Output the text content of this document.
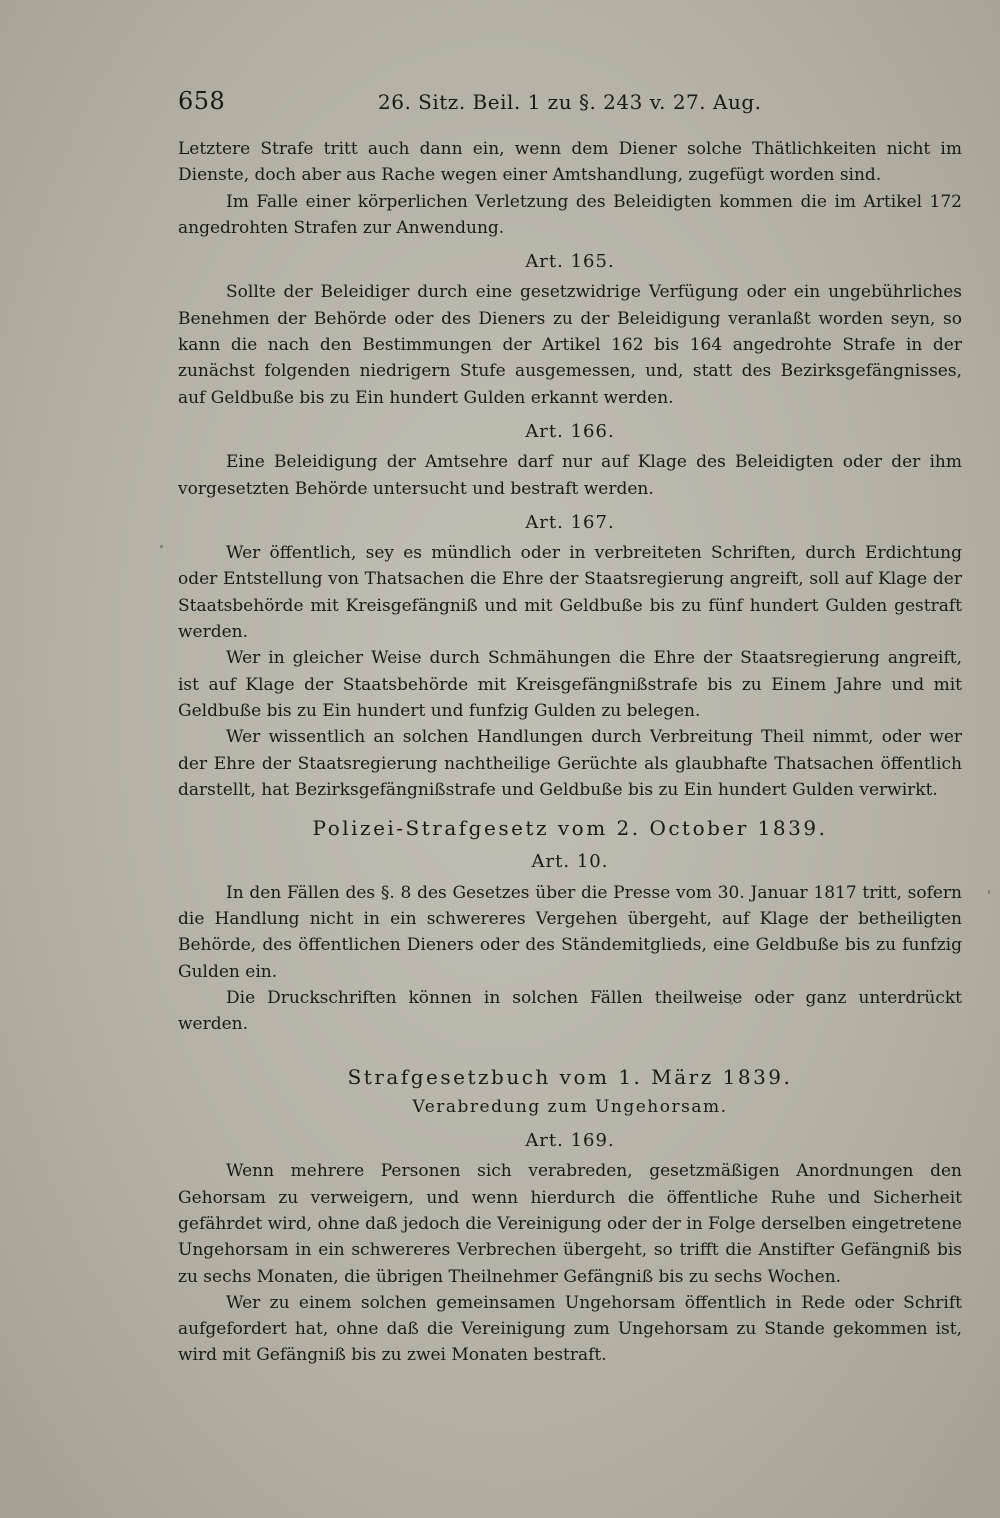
658	26. Sitz. Beil. 1 zu §. 243 v. 27. Aug.

Letztere Strafe tritt auch dann ein, wenn dem Diener solche Thätlichkeiten nicht im Dienste, doch aber aus Rache wegen einer Amtshandlung, zugefügt worden sind.

Im Falle einer körperlichen Verletzung des Beleidigten kommen die im Artikel 172 angedrohten Strafen zur Anwendung.

Art. 165.

Sollte der Beleidiger durch eine gesetzwidrige Verfügung oder ein ungebührliches Benehmen der Behörde oder des Dieners zu der Beleidigung veranlaßt worden seyn, so kann die nach den Bestimmungen der Artikel 162 bis 164 angedrohte Strafe in der zunächst folgenden niedrigern Stufe ausgemessen, und, statt des Bezirksgefängnisses, auf Geldbuße bis zu Ein hundert Gulden erkannt werden.

Art. 166.

Eine Beleidigung der Amtsehre darf nur auf Klage des Beleidigten oder der ihm vorgesetzten Behörde untersucht und bestraft werden.

Art. 167.

Wer öffentlich, sey es mündlich oder in verbreiteten Schriften, durch Erdichtung oder Entstellung von Thatsachen die Ehre der Staatsregierung angreift, soll auf Klage der Staatsbehörde mit Kreisgefängniß und mit Geldbuße bis zu fünf hundert Gulden gestraft werden.

Wer in gleicher Weise durch Schmähungen die Ehre der Staatsregierung angreift, ist auf Klage der Staatsbehörde mit Kreisgefängnißstrafe bis zu Einem Jahre und mit Geldbuße bis zu Ein hundert und funfzig Gulden zu belegen.

Wer wissentlich an solchen Handlungen durch Verbreitung Theil nimmt, oder wer der Ehre der Staatsregierung nachtheilige Gerüchte als glaubhafte Thatsachen öffentlich darstellt, hat Bezirksgefängnißstrafe und Geldbuße bis zu Ein hundert Gulden verwirkt.

Polizei-Strafgesetz vom 2. October 1839.
Art. 10.

In den Fällen des §. 8 des Gesetzes über die Presse vom 30. Januar 1817 tritt, sofern die Handlung nicht in ein schwereres Vergehen übergeht, auf Klage der betheiligten Behörde, des öffentlichen Dieners oder des Ständemitglieds, eine Geldbuße bis zu funfzig Gulden ein.

Die Druckschriften können in solchen Fällen theilweise oder ganz unterdrückt werden.

Strafgesetzbuch vom 1. März 1839.
Verabredung zum Ungehorsam.
Art. 169.

Wenn mehrere Personen sich verabreden, gesetzmäßigen Anordnungen den Gehorsam zu verweigern, und wenn hierdurch die öffentliche Ruhe und Sicherheit gefährdet wird, ohne daß jedoch die Vereinigung oder der in Folge derselben eingetretene Ungehorsam in ein schwereres Verbrechen übergeht, so trifft die Anstifter Gefängniß bis zu sechs Monaten, die übrigen Theilnehmer Gefängniß bis zu sechs Wochen.

Wer zu einem solchen gemeinsamen Ungehorsam öffentlich in Rede oder Schrift aufgefordert hat, ohne daß die Vereinigung zum Ungehorsam zu Stande gekommen ist, wird mit Gefängniß bis zu zwei Monaten bestraft.
